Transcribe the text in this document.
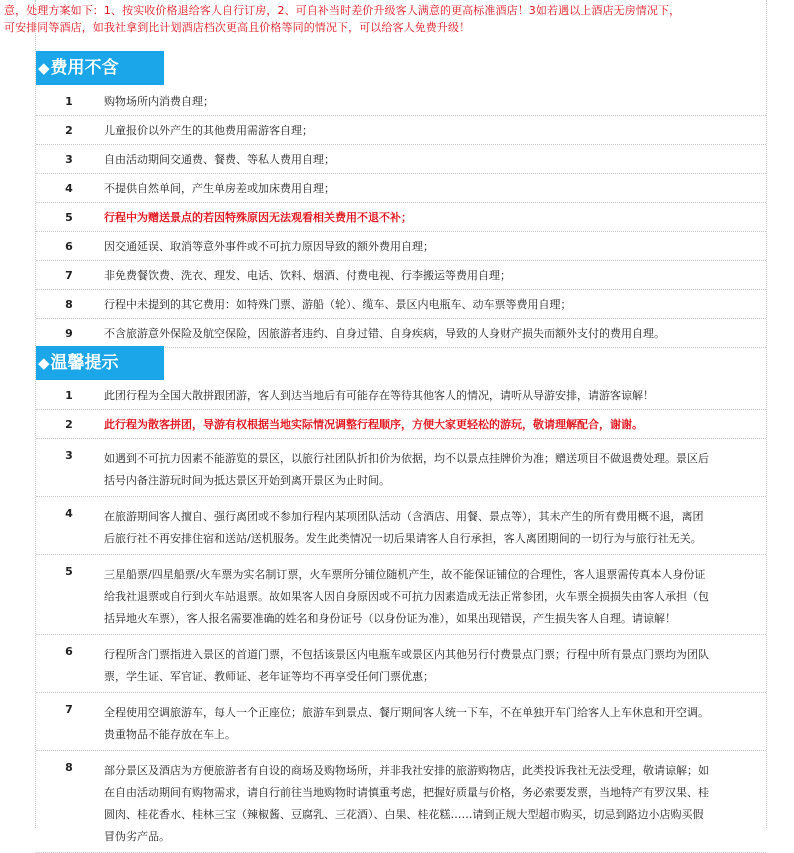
意，处理方案如下：1、按实收价格退给客人自行订房，2、可自补当时差价升级客人满意的更高标准酒店！3如若遇以上酒店无房情况下，
可安排同等酒店，如我社拿到比计划酒店档次更高且价格等同的情况下，可以给客人免费升级！
◆费用不含
1	购物场所内消费自理；
2	儿童报价以外产生的其他费用需游客自理；
3	自由活动期间交通费、餐费、等私人费用自理；
4	不提供自然单间，产生单房差或加床费用自理；
5	行程中为赠送景点的若因特殊原因无法观看相关费用不退不补；
6	因交通延误、取消等意外事件或不可抗力原因导致的额外费用自理；
7	非免费餐饮费、洗衣、理发、电话、饮料、烟酒、付费电视、行李搬运等费用自理；
8	行程中未提到的其它费用：如特殊门票、游船（轮）、缆车、景区内电瓶车、动车票等费用自理；
9	不含旅游意外保险及航空保险，因旅游者违约、自身过错、自身疾病，导致的人身财产损失而额外支付的费用自理。
◆温馨提示
1	此团行程为全国大散拼跟团游，客人到达当地后有可能存在等待其他客人的情况，请听从导游安排，请游客谅解！
2	此行程为散客拼团，导游有权根据当地实际情况调整行程顺序，方便大家更轻松的游玩，敬请理解配合，谢谢。
3	如遇到不可抗力因素不能游览的景区，以旅行社团队折扣价为依据，均不以景点挂牌价为准；赠送项目不做退费处理。景区后
括号内备注游玩时间为抵达景区开始到离开景区为止时间。
4	在旅游期间客人擅自、强行离团或不参加行程内某项团队活动（含酒店、用餐、景点等），其未产生的所有费用概不退，离团
后旅行社不再安排住宿和送站/送机服务。发生此类情况一切后果请客人自行承担，客人离团期间的一切行为与旅行社无关。
5	三星船票/四星船票/火车票为实名制订票，火车票所分铺位随机产生，故不能保证铺位的合理性，客人退票需传真本人身份证
给我社退票或自行到火车站退票。故如果客人因自身原因或不可抗力因素造成无法正常参团，火车票全损损失由客人承担（包
括异地火车票），客人报名需要准确的姓名和身份证号（以身份证为准），如果出现错误，产生损失客人自理。请谅解！
6	行程所含门票指进入景区的首道门票，不包括该景区内电瓶车或景区内其他另行付费景点门票；行程中所有景点门票均为团队
票，学生证、军官证、教师证、老年证等均不再享受任何门票优惠；
7	全程使用空调旅游车，每人一个正座位；旅游车到景点、餐厅期间客人统一下车，不在单独开车门给客人上车休息和开空调。
贵重物品不能存放在车上。
8	部分景区及酒店为方便旅游者有自设的商场及购物场所，并非我社安排的旅游购物店，此类投诉我社无法受理，敬请谅解；如
在自由活动期间有购物需求，请自行前往当地购物时请慎重考虑，把握好质量与价格，务必索要发票，当地特产有罗汉果、桂
圆肉、桂花香水、桂林三宝（辣椒酱、豆腐乳、三花酒）、白果、桂花糕……请到正规大型超市购买，切忌到路边小店购买假
冒伪劣产品。
